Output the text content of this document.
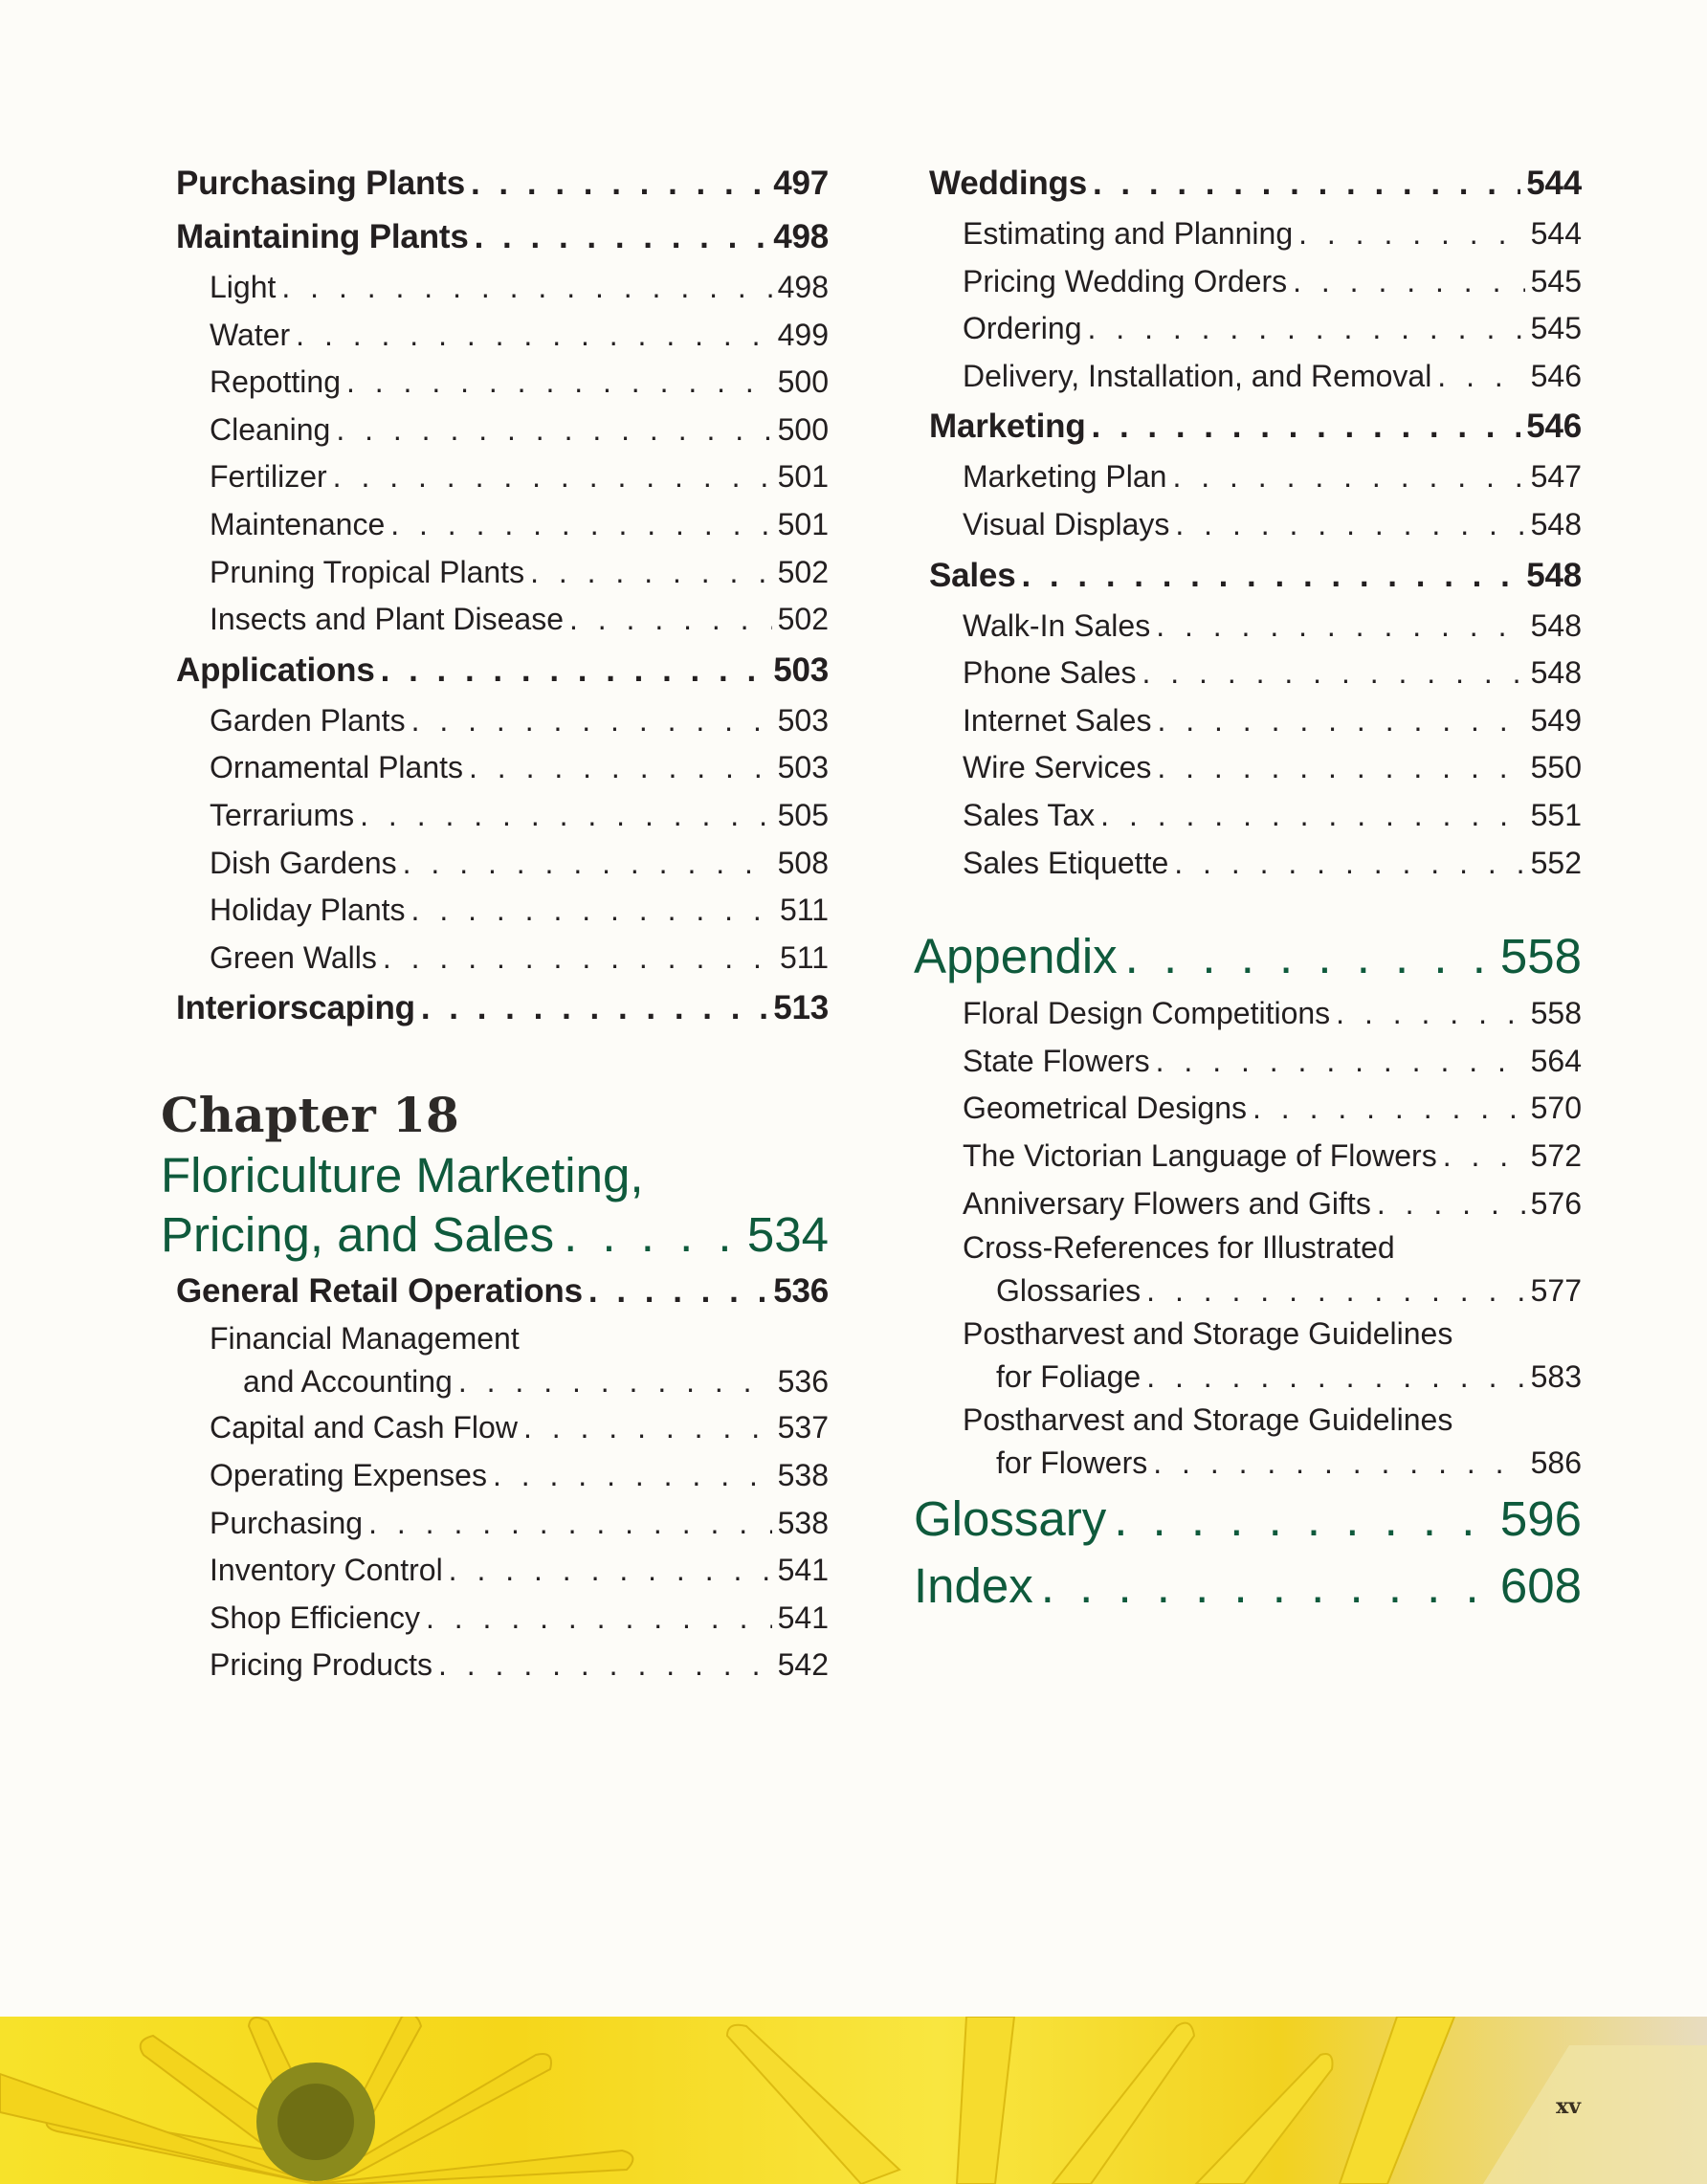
Purchasing Plants . . .	497
Maintaining Plants . . .	498
Light . . .	498
Water . . .	499
Repotting . . .	500
Cleaning . . .	500
Fertilizer . . .	501
Maintenance . . .	501
Pruning Tropical Plants . . .	502
Insects and Plant Disease . . .	502
Applications . . .	503
Garden Plants . . .	503
Ornamental Plants . . .	503
Terrariums . . .	505
Dish Gardens . . .	508
Holiday Plants . . .	511
Green Walls . . .	511
Interiorscaping . . .	513
Chapter 18
Floriculture Marketing,
Pricing, and Sales . . .	534
General Retail Operations . . .	536
Financial Management
and Accounting . . .	536
Capital and Cash Flow . . .	537
Operating Expenses . . .	538
Purchasing . . .	538
Inventory Control . . .	541
Shop Efficiency . . .	541
Pricing Products . . .	542
Weddings . . .	544
Estimating and Planning . . .	544
Pricing Wedding Orders . . .	545
Ordering . . .	545
Delivery, Installation, and Removal . . .	546
Marketing . . .	546
Marketing Plan . . .	547
Visual Displays . . .	548
Sales . . .	548
Walk-In Sales . . .	548
Phone Sales . . .	548
Internet Sales . . .	549
Wire Services . . .	550
Sales Tax . . .	551
Sales Etiquette . . .	552
Appendix . . .	558
Floral Design Competitions . . .	558
State Flowers . . .	564
Geometrical Designs . . .	570
The Victorian Language of Flowers . . .	572
Anniversary Flowers and Gifts . . .	576
Cross-References for Illustrated
Glossaries . . .	577
Postharvest and Storage Guidelines
for Foliage . . .	583
Postharvest and Storage Guidelines
for Flowers . . .	586
Glossary . . .	596
Index . . .	608
xv
